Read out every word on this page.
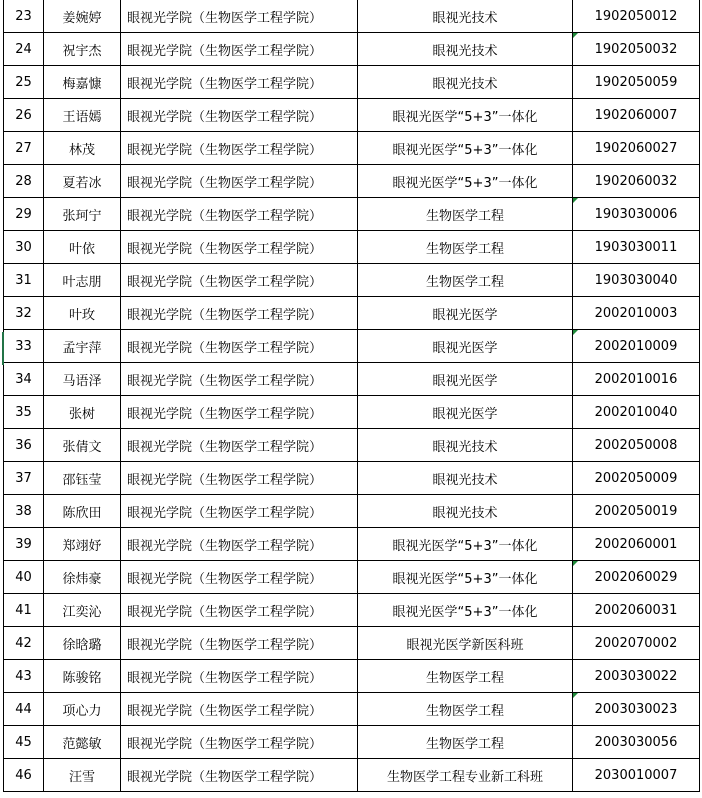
23	姜婉婷	眼视光学院（生物医学工程学院）	眼视光技术	1902050012
24	祝宇杰	眼视光学院（生物医学工程学院）	眼视光技术	1902050032
25	梅嘉慷	眼视光学院（生物医学工程学院）	眼视光技术	1902050059
26	王语嫣	眼视光学院（生物医学工程学院）	眼视光医学“5+3”一体化	1902060007
27	林茂	眼视光学院（生物医学工程学院）	眼视光医学“5+3”一体化	1902060027
28	夏若冰	眼视光学院（生物医学工程学院）	眼视光医学“5+3”一体化	1902060032
29	张珂宁	眼视光学院（生物医学工程学院）	生物医学工程	1903030006
30	叶依	眼视光学院（生物医学工程学院）	生物医学工程	1903030011
31	叶志朋	眼视光学院（生物医学工程学院）	生物医学工程	1903030040
32	叶玫	眼视光学院（生物医学工程学院）	眼视光医学	2002010003
33	孟宇萍	眼视光学院（生物医学工程学院）	眼视光医学	2002010009
34	马语泽	眼视光学院（生物医学工程学院）	眼视光医学	2002010016
35	张树	眼视光学院（生物医学工程学院）	眼视光医学	2002010040
36	张倩文	眼视光学院（生物医学工程学院）	眼视光技术	2002050008
37	邵钰莹	眼视光学院（生物医学工程学院）	眼视光技术	2002050009
38	陈欣田	眼视光学院（生物医学工程学院）	眼视光技术	2002050019
39	郑翊妤	眼视光学院（生物医学工程学院）	眼视光医学“5+3”一体化	2002060001
40	徐炜豪	眼视光学院（生物医学工程学院）	眼视光医学“5+3”一体化	2002060029
41	江奕沁	眼视光学院（生物医学工程学院）	眼视光医学“5+3”一体化	2002060031
42	徐晗璐	眼视光学院（生物医学工程学院）	眼视光医学新医科班	2002070002
43	陈骏铭	眼视光学院（生物医学工程学院）	生物医学工程	2003030022
44	项心力	眼视光学院（生物医学工程学院）	生物医学工程	2003030023
45	范懿敏	眼视光学院（生物医学工程学院）	生物医学工程	2003030056
46	汪雪	眼视光学院（生物医学工程学院）	生物医学工程专业新工科班	2030010007
